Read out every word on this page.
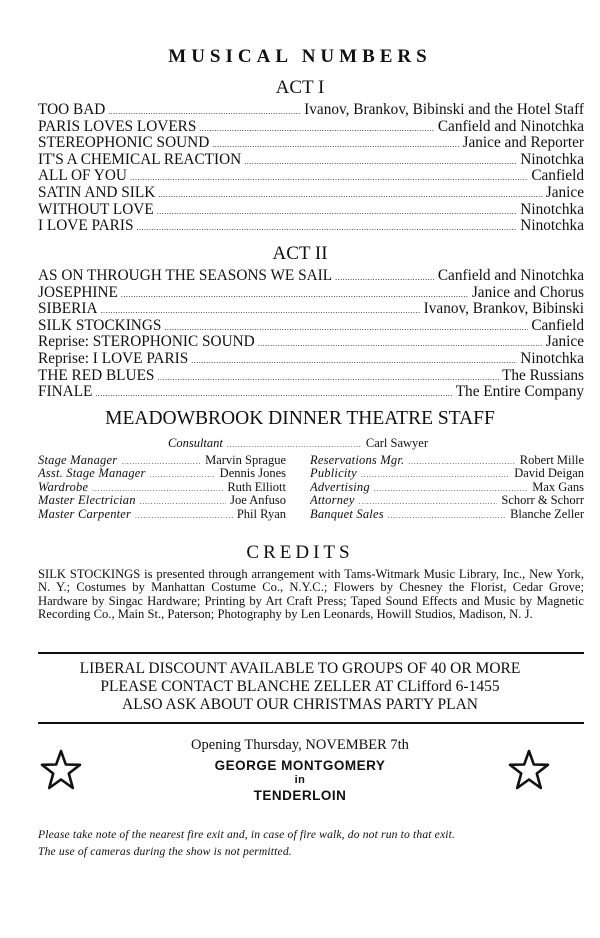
MUSICAL NUMBERS
ACT I
TOO BAD .....	Ivanov, Brankov, Bibinski and the Hotel Staff
PARIS LOVES LOVERS .....	Canfield and Ninotchka
STEREOPHONIC SOUND .....	Janice and Reporter
IT'S A CHEMICAL REACTION .....	Ninotchka
ALL OF YOU .....	Canfield
SATIN AND SILK .....	Janice
WITHOUT LOVE .....	Ninotchka
I LOVE PARIS .....	Ninotchka
ACT II
AS ON THROUGH THE SEASONS WE SAIL .....	Canfield and Ninotchka
JOSEPHINE .....	Janice and Chorus
SIBERIA .....	Ivanov, Brankov, Bibinski
SILK STOCKINGS .....	Canfield
Reprise: STEROPHONIC SOUND .....	Janice
Reprise: I LOVE PARIS .....	Ninotchka
THE RED BLUES .....	The Russians
FINALE .....	The Entire Company
MEADOWBROOK DINNER THEATRE STAFF
Consultant .....	Carl Sawyer
Stage Manager .....	Marvin Sprague
Asst. Stage Manager .....	Dennis Jones
Wardrobe .....	Ruth Elliott
Master Electrician .....	Joe Anfuso
Master Carpenter .....	Phil Ryan
Reservations Mgr. .....	Robert Mille
Publicity .....	David Deigan
Advertising .....	Max Gans
Attorney .....	Schorr & Schorr
Banquet Sales .....	Blanche Zeller
CREDITS
SILK STOCKINGS is presented through arrangement with Tams-Witmark Music Library, Inc., New York, N. Y.; Costumes by Manhattan Costume Co., N.Y.C.; Flowers by Chesney the Florist, Cedar Grove; Hardware by Singac Hardware; Printing by Art Craft Press; Taped Sound Effects and Music by Magnetic Recording Co., Main St., Paterson; Photography by Len Leonards, Howill Studios, Madison, N. J.
LIBERAL DISCOUNT AVAILABLE TO GROUPS OF 40 OR MORE
PLEASE CONTACT BLANCHE ZELLER AT CLifford 6-1455
ALSO ASK ABOUT OUR CHRISTMAS PARTY PLAN
Opening Thursday, NOVEMBER 7th
GEORGE MONTGOMERY
in
TENDERLOIN
Please take note of the nearest fire exit and, in case of fire walk, do not run to that exit.
The use of cameras during the show is not permitted.
